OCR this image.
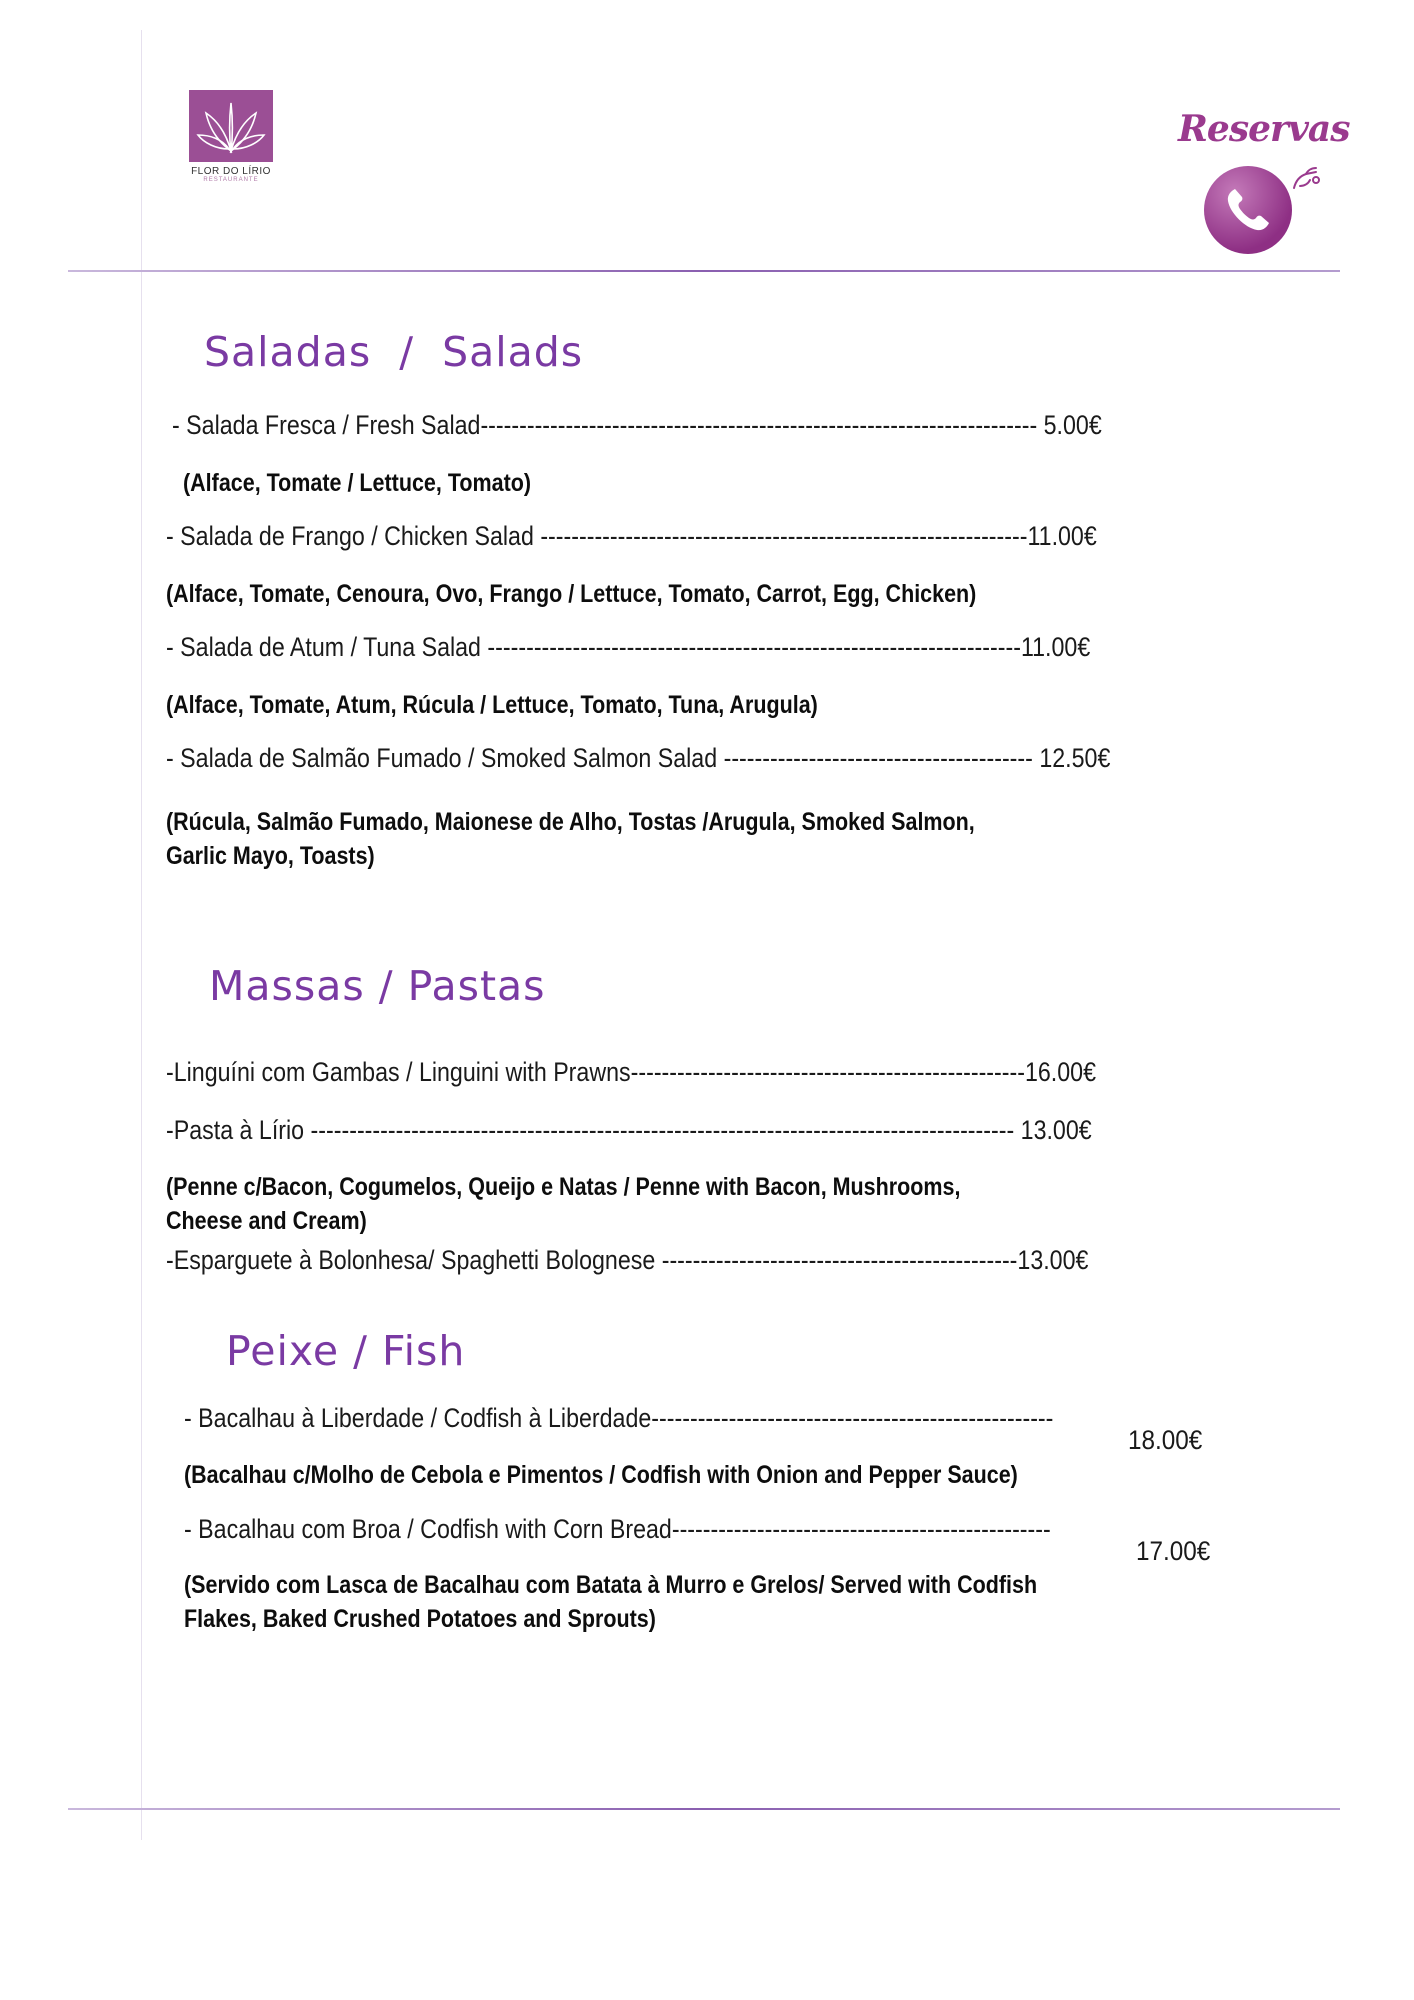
FLOR DO LÍRIO
RESTAURANTE
Reservas
Saladas  /  Salads
- Salada Fresca / Fresh Salad------------------------------------------------------------------------ 5.00€
(Alface, Tomate / Lettuce, Tomato)
- Salada de Frango / Chicken Salad ---------------------------------------------------------------11.00€
(Alface, Tomate, Cenoura, Ovo, Frango / Lettuce, Tomato, Carrot, Egg, Chicken)
- Salada de Atum / Tuna Salad ---------------------------------------------------------------------11.00€
(Alface, Tomate, Atum, Rúcula / Lettuce, Tomato, Tuna, Arugula)
- Salada de Salmão Fumado / Smoked Salmon Salad ---------------------------------------- 12.50€
(Rúcula, Salmão Fumado, Maionese de Alho, Tostas /Arugula, Smoked Salmon, Garlic Mayo, Toasts)
Massas / Pastas
-Linguíni com Gambas / Linguini with Prawns---------------------------------------------------16.00€
-Pasta à Lírio ------------------------------------------------------------------------------------------- 13.00€
(Penne c/Bacon, Cogumelos, Queijo e Natas / Penne with Bacon, Mushrooms, Cheese and Cream)
-Esparguete à Bolonhesa/ Spaghetti Bolognese ----------------------------------------------13.00€
Peixe / Fish
- Bacalhau à Liberdade / Codfish à Liberdade----------------------------------------------------
18.00€
(Bacalhau c/Molho de Cebola e Pimentos / Codfish with Onion and Pepper Sauce)
- Bacalhau com Broa / Codfish with Corn Bread-------------------------------------------------
17.00€
(Servido com Lasca de Bacalhau com Batata à Murro e Grelos/ Served with Codfish Flakes, Baked Crushed Potatoes and Sprouts)
